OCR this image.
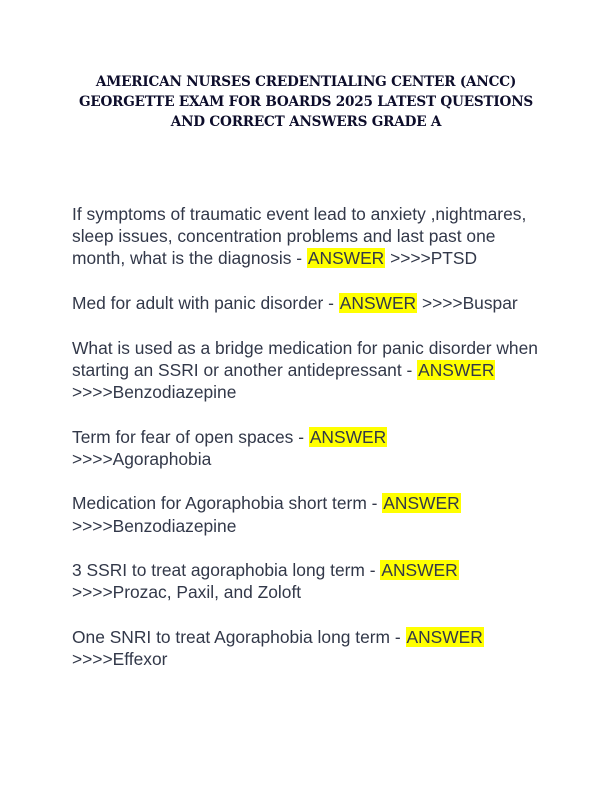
AMERICAN NURSES CREDENTIALING CENTER (ANCC)
GEORGETTE EXAM FOR BOARDS 2025 LATEST QUESTIONS
AND CORRECT ANSWERS GRADE A

If symptoms of traumatic event lead to anxiety ,nightmares, sleep issues, concentration problems and last past one month, what is the diagnosis - ANSWER >>>>PTSD

Med for adult with panic disorder - ANSWER >>>>Buspar

What is used as a bridge medication for panic disorder when starting an SSRI or another antidepressant - ANSWER >>>>Benzodiazepine

Term for fear of open spaces - ANSWER
>>>>Agoraphobia

Medication for Agoraphobia short term - ANSWER
>>>>Benzodiazepine

3 SSRI to treat agoraphobia long term - ANSWER
>>>>Prozac, Paxil, and Zoloft

One SNRI to treat Agoraphobia long term - ANSWER
>>>>Effexor
